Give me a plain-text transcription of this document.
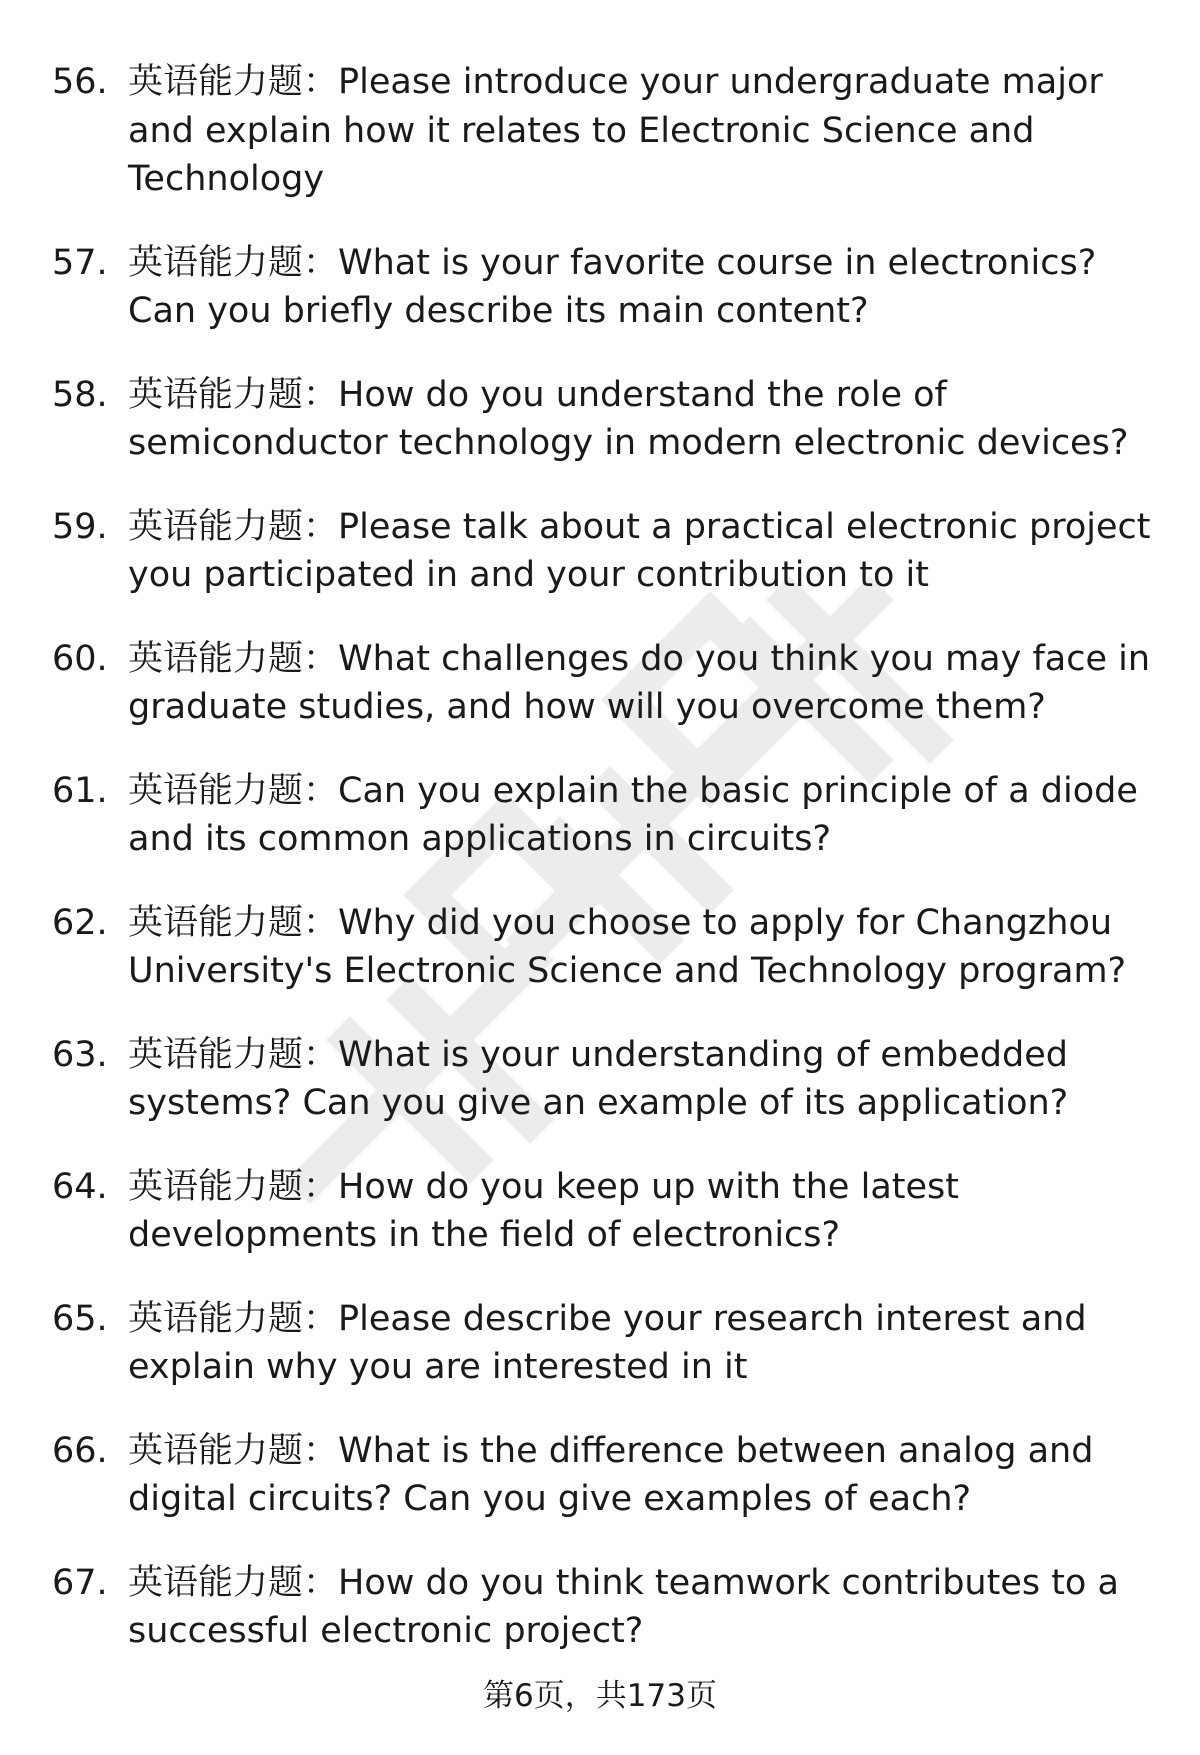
56. 英语能力题：Please introduce your undergraduate major and explain how it relates to Electronic Science and Technology
57. 英语能力题：What is your favorite course in electronics? Can you briefly describe its main content?
58. 英语能力题：How do you understand the role of semiconductor technology in modern electronic devices?
59. 英语能力题：Please talk about a practical electronic project you participated in and your contribution to it
60. 英语能力题：What challenges do you think you may face in graduate studies, and how will you overcome them?
61. 英语能力题：Can you explain the basic principle of a diode and its common applications in circuits?
62. 英语能力题：Why did you choose to apply for Changzhou University's Electronic Science and Technology program?
63. 英语能力题：What is your understanding of embedded systems? Can you give an example of its application?
64. 英语能力题：How do you keep up with the latest developments in the field of electronics?
65. 英语能力题：Please describe your research interest and explain why you are interested in it
66. 英语能力题：What is the difference between analog and digital circuits? Can you give examples of each?
67. 英语能力题：How do you think teamwork contributes to a successful electronic project?
第6页，共173页
